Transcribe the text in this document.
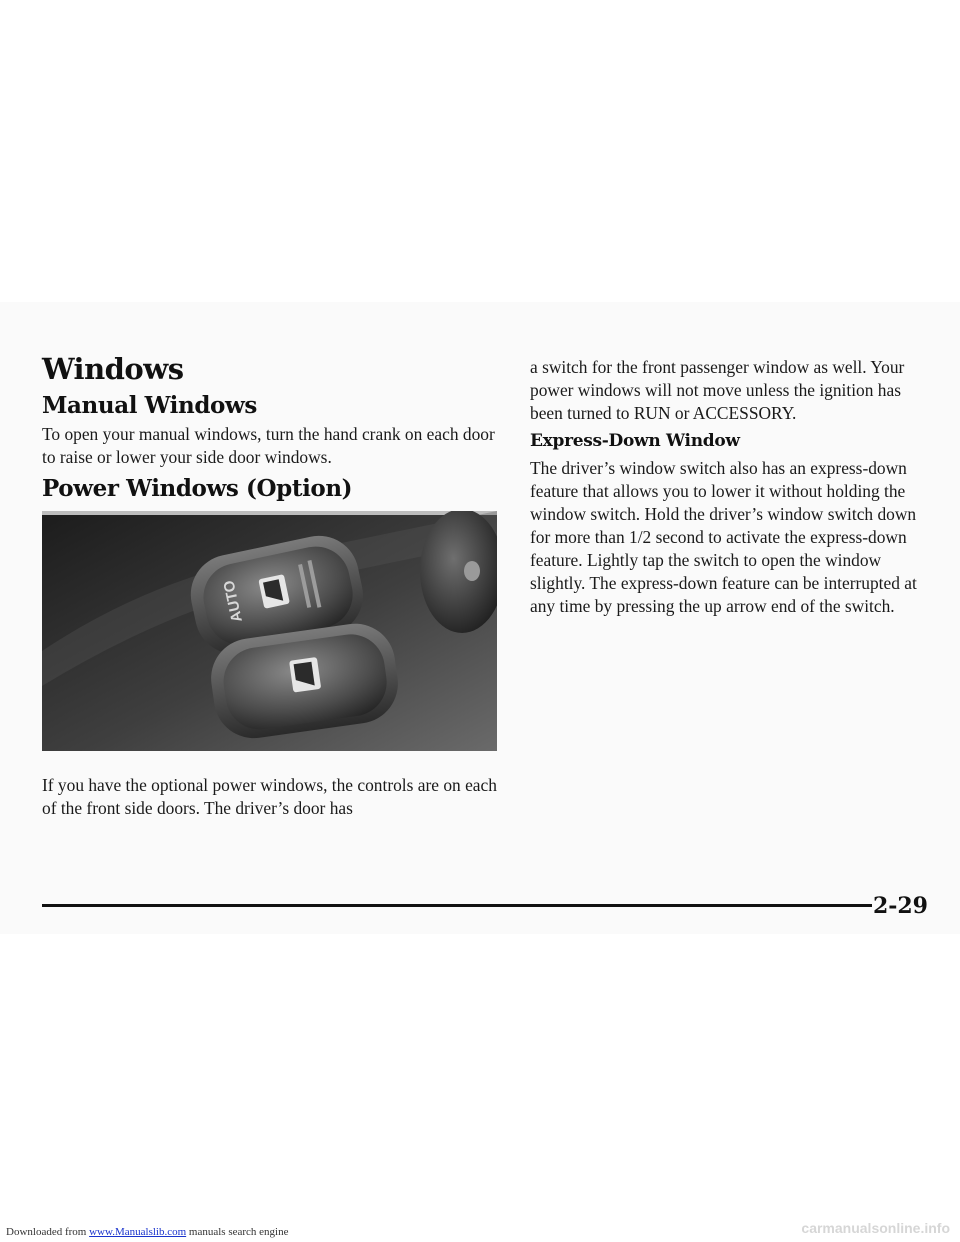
Windows
Manual Windows

To open your manual windows, turn the hand crank on each door to raise or lower your side door windows.

Power Windows (Option)
AUTO

If you have the optional power windows, the controls are on each of the front side doors. The driver’s door has

a switch for the front passenger window as well. Your power windows will not move unless the ignition has been turned to RUN or ACCESSORY.

Express-Down Window

The driver’s window switch also has an express-down feature that allows you to lower it without holding the window switch. Hold the driver’s window switch down for more than 1/2 second to activate the express-down feature. Lightly tap the switch to open the window slightly. The express-down feature can be interrupted at any time by pressing the up arrow end of the switch.

2-29

Downloaded from www.Manualslib.com manuals search engine	carmanualsonline.info
